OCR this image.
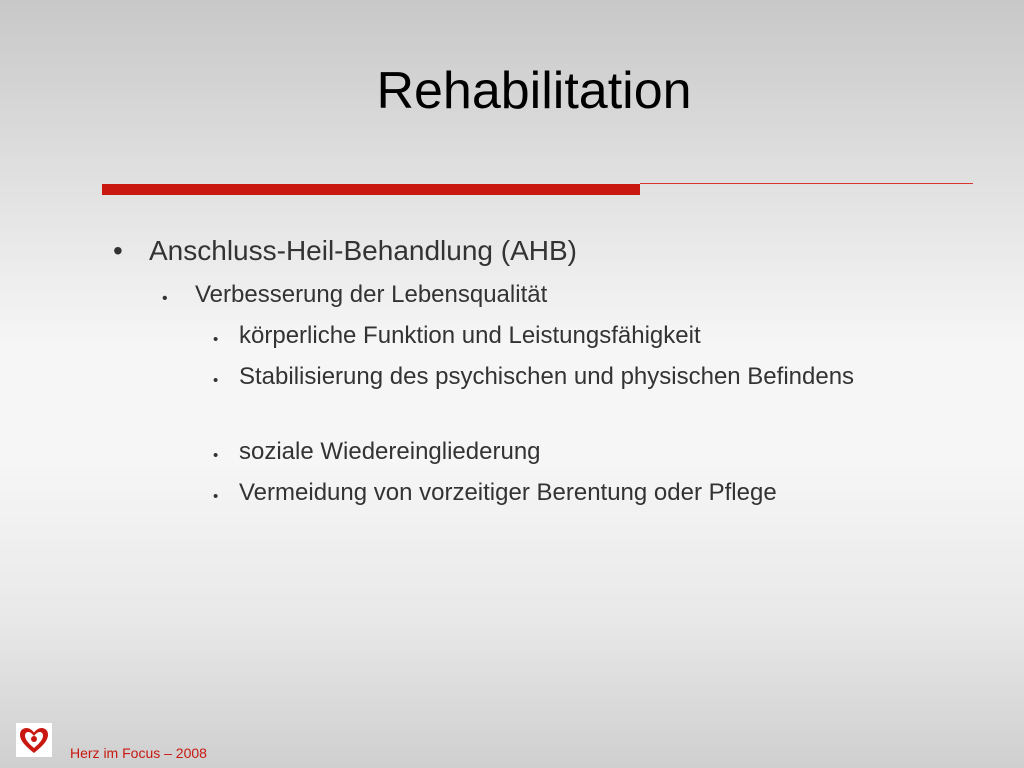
Rehabilitation
• Anschluss-Heil-Behandlung (AHB)
• Verbesserung der Lebensqualität
• körperliche Funktion und Leistungsfähigkeit
• Stabilisierung des psychischen und physischen Befindens
• soziale Wiedereingliederung
• Vermeidung von vorzeitiger Berentung oder Pflege
Herz im Focus – 2008
